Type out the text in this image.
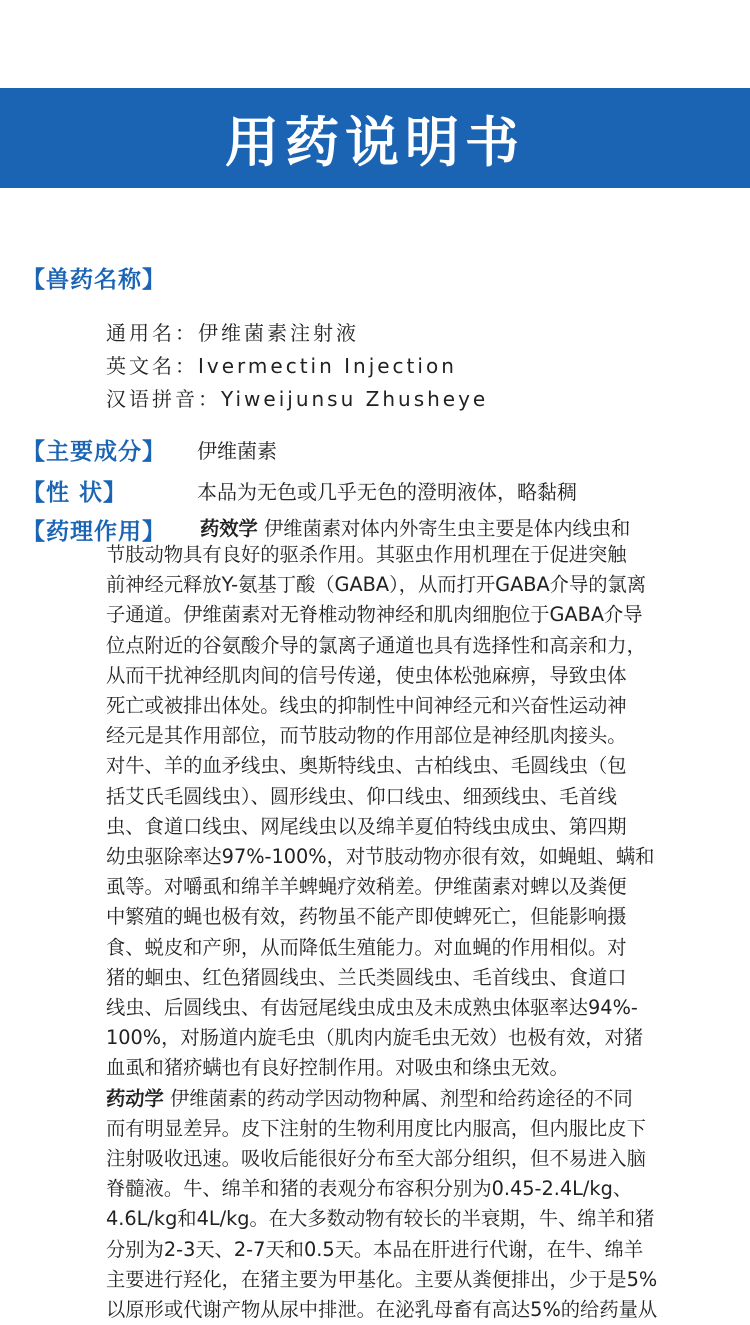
用药说明书
【兽药名称】
通用名：伊维菌素注射液
英文名：Ivermectin Injection
汉语拼音：Yiweijunsu Zhusheye
【主要成分】 伊维菌素
【性 状】	本品为无色或几乎无色的澄明液体，略黏稠
【药理作用】 药效学 伊维菌素对体内外寄生虫主要是体内线虫和
节肢动物具有良好的驱杀作用。其驱虫作用机理在于促进突触
前神经元释放Y-氨基丁酸（GABA），从而打开GABA介导的氯离
子通道。伊维菌素对无脊椎动物神经和肌肉细胞位于GABA介导
位点附近的谷氨酸介导的氯离子通道也具有选择性和高亲和力，
从而干扰神经肌肉间的信号传递，使虫体松弛麻痹，导致虫体
死亡或被排出体处。线虫的抑制性中间神经元和兴奋性运动神
经元是其作用部位，而节肢动物的作用部位是神经肌肉接头。
对牛、羊的血矛线虫、奥斯特线虫、古柏线虫、毛圆线虫（包
括艾氏毛圆线虫）、圆形线虫、仰口线虫、细颈线虫、毛首线
虫、食道口线虫、网尾线虫以及绵羊夏伯特线虫成虫、第四期
幼虫驱除率达97%-100%，对节肢动物亦很有效，如蝇蛆、螨和
虱等。对嚼虱和绵羊羊蜱蝇疗效稍差。伊维菌素对蜱以及粪便
中繁殖的蝇也极有效，药物虽不能产即使蜱死亡，但能影响摄
食、蜕皮和产卵，从而降低生殖能力。对血蝇的作用相似。对
猪的蛔虫、红色猪圆线虫、兰氏类圆线虫、毛首线虫、食道口
线虫、后圆线虫、有齿冠尾线虫成虫及未成熟虫体驱率达94%-
100%，对肠道内旋毛虫（肌肉内旋毛虫无效）也极有效，对猪
血虱和猪疥螨也有良好控制作用。对吸虫和绦虫无效。
药动学 伊维菌素的药动学因动物种属、剂型和给药途径的不同
而有明显差异。皮下注射的生物利用度比内服高，但内服比皮下
注射吸收迅速。吸收后能很好分布至大部分组织，但不易进入脑
脊髓液。牛、绵羊和猪的表观分布容积分别为0.45-2.4L/kg、
4.6L/kg和4L/kg。在大多数动物有较长的半衰期，牛、绵羊和猪
分别为2-3天、2-7天和0.5天。本品在肝进行代谢，在牛、绵羊
主要进行羟化，在猪主要为甲基化。主要从粪便排出，少于是5%
以原形或代谢产物从尿中排泄。在泌乳母畜有高达5%的给药量从
